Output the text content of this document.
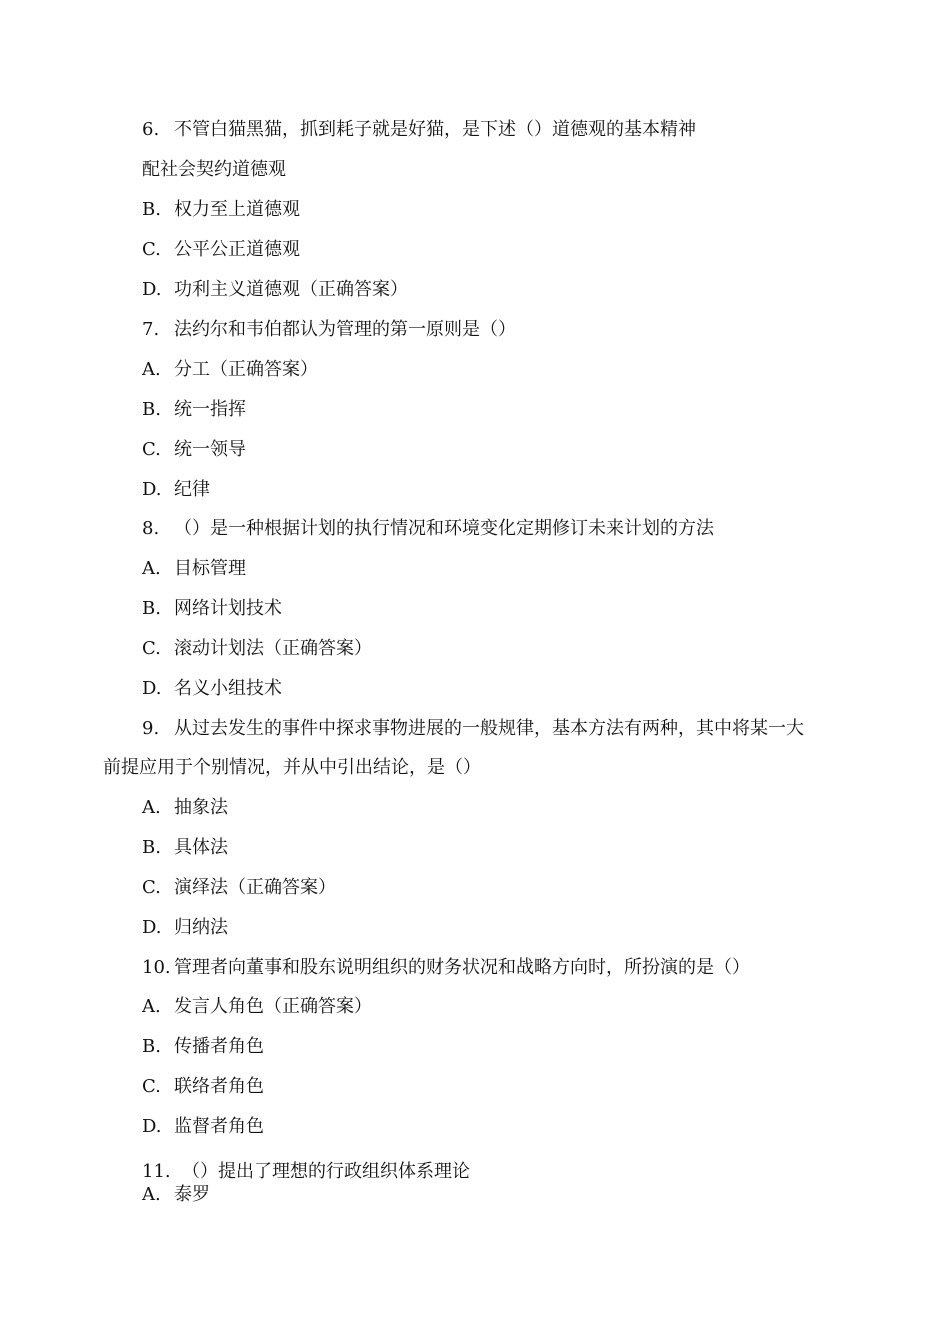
6. 不管白猫黑猫，抓到耗子就是好猫，是下述（）道德观的基本精神
配社会契约道德观
B. 权力至上道德观
C. 公平公正道德观
D. 功利主义道德观（正确答案）
7. 法约尔和韦伯都认为管理的第一原则是（）
A. 分工（正确答案）
B. 统一指挥
C. 统一领导
D. 纪律
8. （）是一种根据计划的执行情况和环境变化定期修订未来计划的方法
A. 目标管理
B. 网络计划技术
C. 滚动计划法（正确答案）
D. 名义小组技术
9. 从过去发生的事件中探求事物进展的一般规律，基本方法有两种，其中将某一大
前提应用于个别情况，并从中引出结论，是（）
A. 抽象法
B. 具体法
C. 演绎法（正确答案）
D. 归纳法
10. 管理者向董事和股东说明组织的财务状况和战略方向时，所扮演的是（）
A. 发言人角色（正确答案）
B. 传播者角色
C. 联络者角色
D. 监督者角色
11. （）提出了理想的行政组织体系理论
A. 泰罗
